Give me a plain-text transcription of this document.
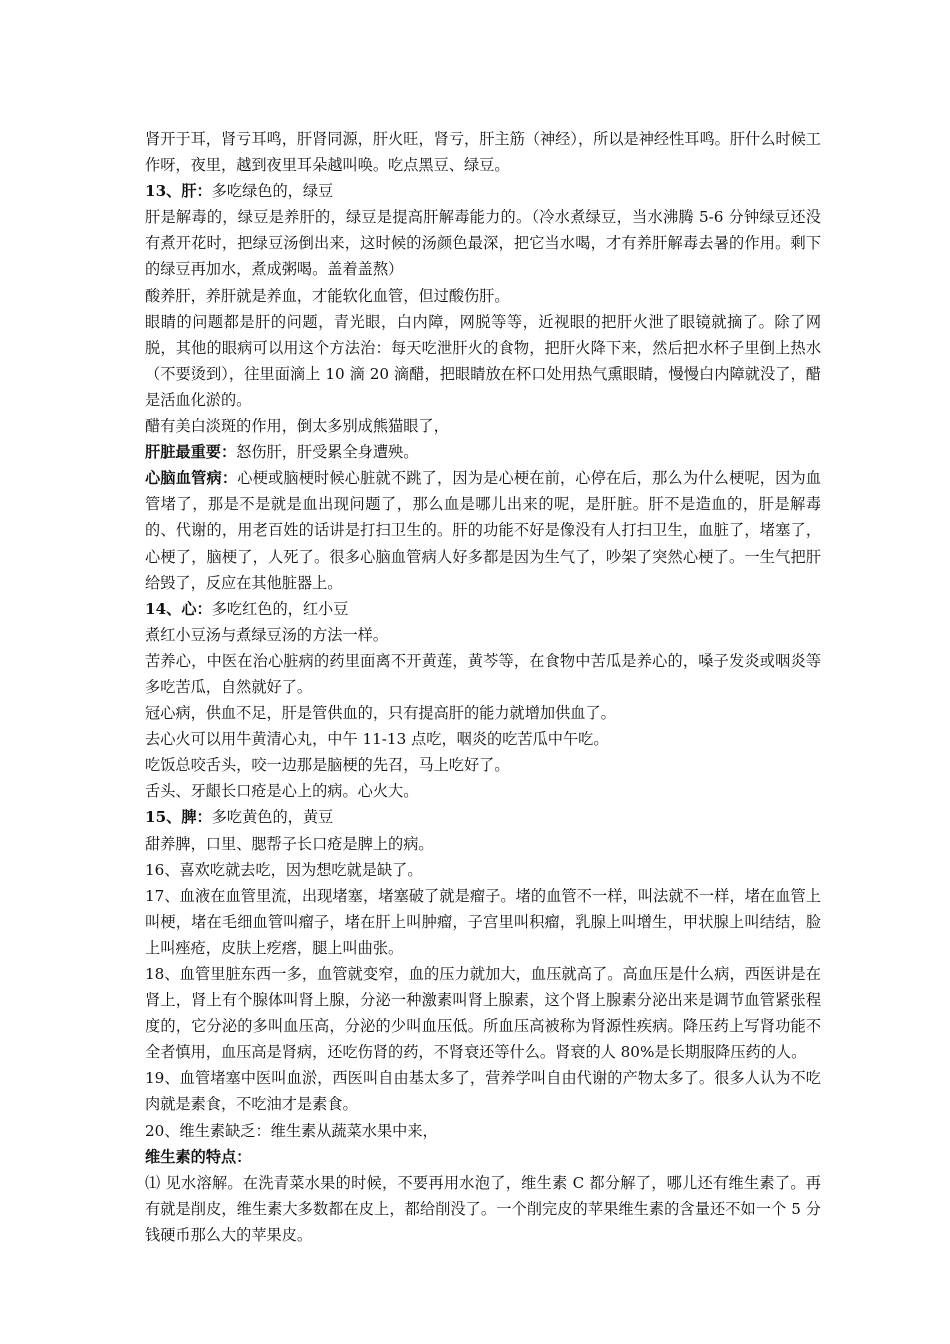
肾开于耳，肾亏耳鸣，肝肾同源，肝火旺，肾亏，肝主筋（神经），所以是神经性耳鸣。肝什么时候工作呀，夜里，越到夜里耳朵越叫唤。吃点黑豆、绿豆。

13、肝：多吃绿色的，绿豆

肝是解毒的，绿豆是养肝的，绿豆是提高肝解毒能力的。（冷水煮绿豆，当水沸腾 5-6 分钟绿豆还没有煮开花时，把绿豆汤倒出来，这时候的汤颜色最深，把它当水喝，才有养肝解毒去暑的作用。剩下的绿豆再加水，煮成粥喝。盖着盖熬）

酸养肝，养肝就是养血，才能软化血管，但过酸伤肝。

眼睛的问题都是肝的问题，青光眼，白内障，网脱等等，近视眼的把肝火泄了眼镜就摘了。除了网脱，其他的眼病可以用这个方法治：每天吃泄肝火的食物，把肝火降下来，然后把水杯子里倒上热水（不要烫到），往里面滴上 10 滴 20 滴醋，把眼睛放在杯口处用热气熏眼睛，慢慢白内障就没了，醋是活血化淤的。

醋有美白淡斑的作用，倒太多别成熊猫眼了，

肝脏最重要：怒伤肝，肝受累全身遭殃。

心脑血管病：心梗或脑梗时候心脏就不跳了，因为是心梗在前，心停在后，那么为什么梗呢，因为血管堵了，那是不是就是血出现问题了，那么血是哪儿出来的呢，是肝脏。肝不是造血的，肝是解毒的、代谢的，用老百姓的话讲是打扫卫生的。肝的功能不好是像没有人打扫卫生，血脏了，堵塞了，心梗了，脑梗了，人死了。很多心脑血管病人好多都是因为生气了，吵架了突然心梗了。一生气把肝给毁了，反应在其他脏器上。

14、心：多吃红色的，红小豆

煮红小豆汤与煮绿豆汤的方法一样。

苦养心，中医在治心脏病的药里面离不开黄莲，黄芩等，在食物中苦瓜是养心的，嗓子发炎或咽炎等多吃苦瓜，自然就好了。

冠心病，供血不足，肝是管供血的，只有提高肝的能力就增加供血了。

去心火可以用牛黄清心丸，中午 11-13 点吃，咽炎的吃苦瓜中午吃。

吃饭总咬舌头，咬一边那是脑梗的先召，马上吃好了。

舌头、牙龈长口疮是心上的病。心火大。

15、脾：多吃黄色的，黄豆

甜养脾，口里、腮帮子长口疮是脾上的病。

16、喜欢吃就去吃，因为想吃就是缺了。

17、血液在血管里流，出现堵塞，堵塞破了就是瘤子。堵的血管不一样，叫法就不一样，堵在血管上叫梗，堵在毛细血管叫瘤子，堵在肝上叫肿瘤，子宫里叫积瘤，乳腺上叫增生，甲状腺上叫结结，脸上叫痤疮，皮肤上疙瘩，腿上叫曲张。

18、血管里脏东西一多，血管就变窄，血的压力就加大，血压就高了。高血压是什么病，西医讲是在肾上，肾上有个腺体叫肾上腺，分泌一种激素叫肾上腺素，这个肾上腺素分泌出来是调节血管紧张程度的，它分泌的多叫血压高，分泌的少叫血压低。所血压高被称为肾源性疾病。降压药上写肾功能不全者慎用，血压高是肾病，还吃伤肾的药，不肾衰还等什么。肾衰的人 80%是长期服降压药的人。

19、血管堵塞中医叫血淤，西医叫自由基太多了，营养学叫自由代谢的产物太多了。很多人认为不吃肉就是素食，不吃油才是素食。

20、维生素缺乏：维生素从蔬菜水果中来，

维生素的特点：

⑴ 见水溶解。在洗青菜水果的时候，不要再用水泡了，维生素 C 都分解了，哪儿还有维生素了。再有就是削皮，维生素大多数都在皮上，都给削没了。一个削完皮的苹果维生素的含量还不如一个 5 分钱硬币那么大的苹果皮。
